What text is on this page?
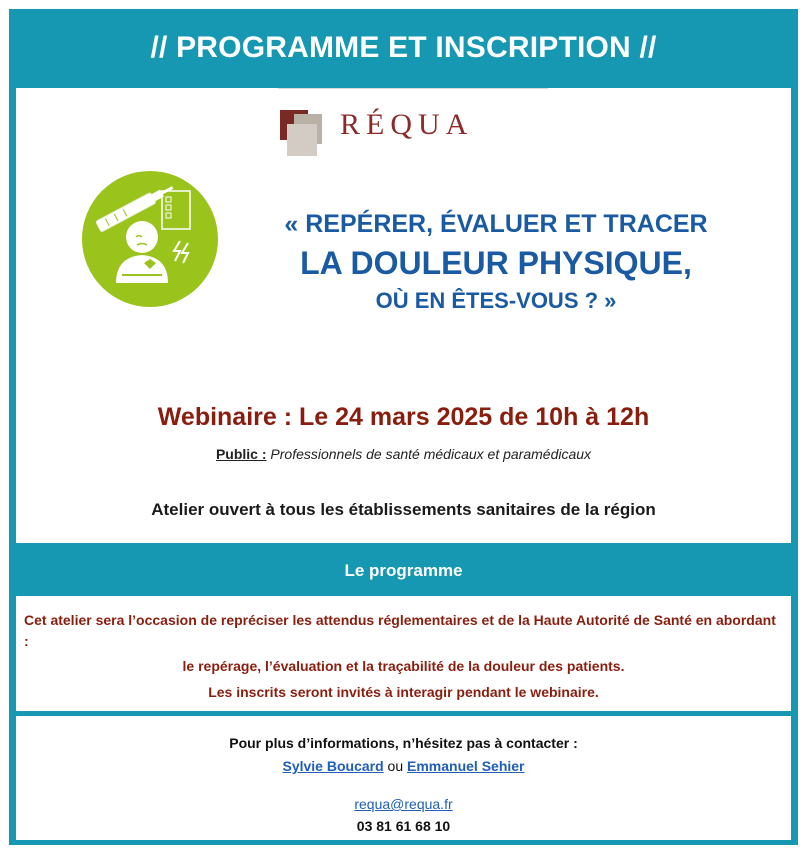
// PROGRAMME ET INSCRIPTION //
RÉQUA
« REPÉRER, ÉVALUER ET TRACER
LA DOULEUR PHYSIQUE,
OÙ EN ÊTES-VOUS ? »
Webinaire : Le 24 mars 2025 de 10h à 12h
Public : Professionnels de santé médicaux et paramédicaux
Atelier ouvert à tous les établissements sanitaires de la région
Le programme
Cet atelier sera l’occasion de repréciser les attendus réglementaires et de la Haute Autorité de Santé en abordant :
le repérage, l’évaluation et la traçabilité de la douleur des patients.
Les inscrits seront invités à interagir pendant le webinaire.
Pour plus d’informations, n’hésitez pas à contacter :
Sylvie Boucard ou Emmanuel Sehier
requa@requa.fr
03 81 61 68 10
